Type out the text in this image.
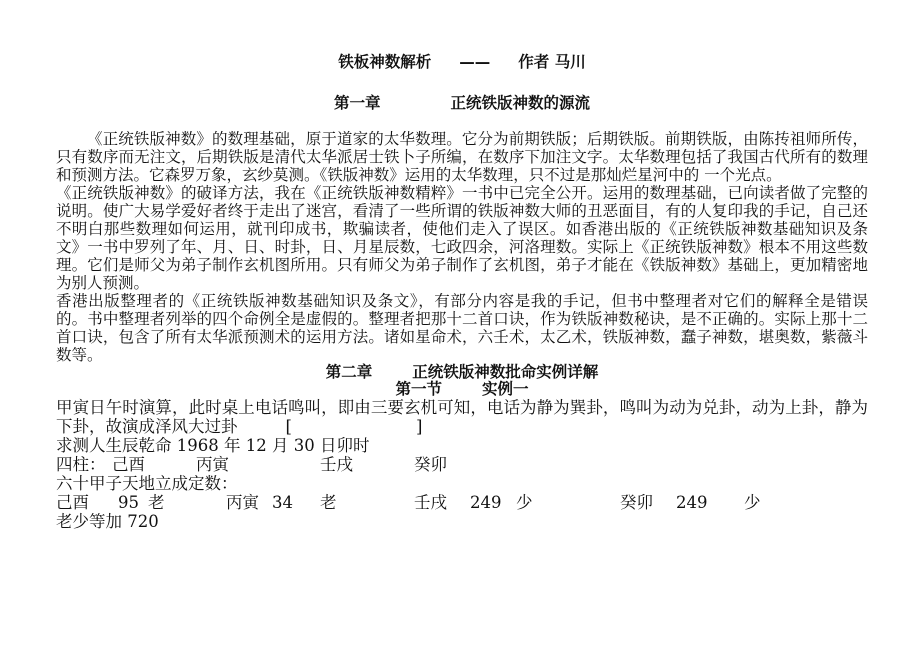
铁板神数解析 —— 作者 马川
第一章	正统铁版神数的源流

《正统铁版神数》的数理基础，原于道家的太华数理。它分为前期铁版；后期铁版。前期铁版，由陈抟祖师所传，只有数序而无注文，后期铁版是清代太华派居士铁卜子所编，在数序下加注文字。太华数理包括了我国古代所有的数理和预测方法。它森罗万象，玄纱莫测。《铁版神数》运用的太华数理，只不过是那灿烂星河中的 一个光点。

《正统铁版神数》的破译方法，我在《正统铁版神数精粹》一书中已完全公开。运用的数理基础，已向读者做了完整的说明。使广大易学爱好者终于走出了迷宫，看清了一些所谓的铁版神数大师的丑恶面目，有的人复印我的手记，自己还不明白那些数理如何运用，就刊印成书，欺骗读者，使他们走入了误区。如香港出版的《正统铁版神数基础知识及条文》一书中罗列了年、月、日、时卦，日、月星辰数，七政四余，河洛理数。实际上《正统铁版神数》根本不用这些数理。它们是师父为弟子制作玄机图所用。只有师父为弟子制作了玄机图，弟子才能在《铁版神数》基础上，更加精密地为别人预测。

香港出版整理者的《正统铁版神数基础知识及条文》，有部分内容是我的手记，但书中整理者对它们的解释全是错误的。书中整理者列举的四个命例全是虚假的。整理者把那十二首口诀，作为铁版神数秘诀，是不正确的。实际上那十二首口诀，包含了所有太华派预测术的运用方法。诸如星命术，六壬术，太乙术，铁版神数，蠢子神数，堪奥数，紫薇斗数等。

第二章	正统铁版神数批命实例详解
第一节	实例一

甲寅日午时演算，此时桌上电话鸣叫，即由三要玄机可知，电话为静为巽卦，鸣叫为动为兑卦，动为上卦，静为下卦，故演成泽风大过卦	[	]

求测人生辰乾命 1968 年 12 月 30 日卯时

四柱： 己酉	丙寅	壬戌	癸卯

六十甲子天地立成定数：

己酉	95 老	丙寅 34	老	壬戌	249 少	癸卯	249	少

老少等加 720
